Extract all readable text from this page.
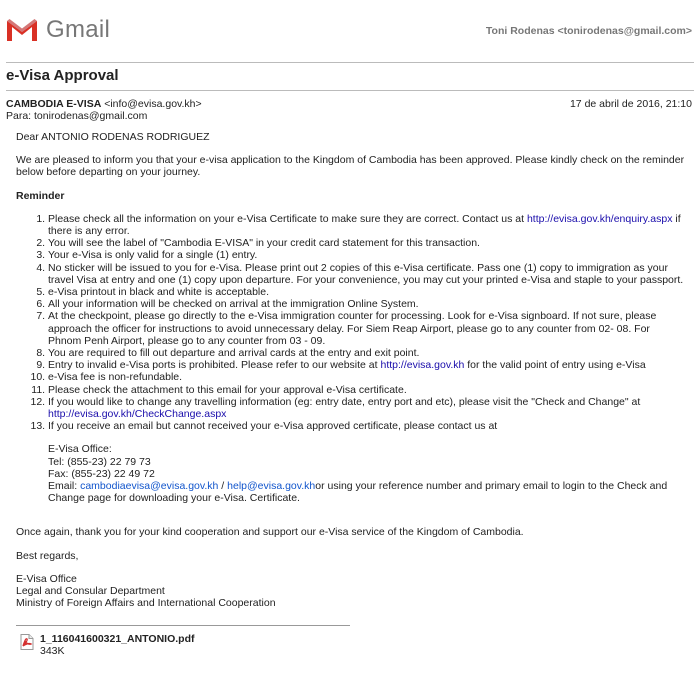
Gmail	Toni Rodenas <tonirodenas@gmail.com>
e-Visa Approval
CAMBODIA E-VISA <info@evisa.gov.kh>	17 de abril de 2016, 21:10
Para: tonirodenas@gmail.com

Dear ANTONIO RODENAS RODRIGUEZ

We are pleased to inform you that your e-visa application to the Kingdom of Cambodia has been approved. Please kindly check on the reminder below before departing on your journey.

Reminder

1. Please check all the information on your e-Visa Certificate to make sure they are correct. Contact us at http://evisa.gov.kh/enquiry.aspx if there is any error.
2. You will see the label of "Cambodia E-VISA" in your credit card statement for this transaction.
3. Your e-Visa is only valid for a single (1) entry.
4. No sticker will be issued to you for e-Visa. Please print out 2 copies of this e-Visa certificate. Pass one (1) copy to immigration as your travel Visa at entry and one (1) copy upon departure. For your convenience, you may cut your printed e-Visa and staple to your passport.
5. e-Visa printout in black and white is acceptable.
6. All your information will be checked on arrival at the immigration Online System.
7. At the checkpoint, please go directly to the e-Visa immigration counter for processing. Look for e-Visa signboard. If not sure, please approach the officer for instructions to avoid unnecessary delay. For Siem Reap Airport, please go to any counter from 02- 08. For Phnom Penh Airport, please go to any counter from 03 - 09.
8. You are required to fill out departure and arrival cards at the entry and exit point.
9. Entry to invalid e-Visa ports is prohibited. Please refer to our website at http://evisa.gov.kh for the valid point of entry using e-Visa
10. e-Visa fee is non-refundable.
11. Please check the attachment to this email for your approval e-Visa certificate.
12. If you would like to change any travelling information (eg: entry date, entry port and etc), please visit the "Check and Change" at http://evisa.gov.kh/CheckChange.aspx
13. If you receive an email but cannot received your e-Visa approved certificate, please contact us at

E-Visa Office:

Tel: (855-23) 22 79 73

Fax: (855-23) 22 49 72

Email: cambodiaevisa@evisa.gov.kh / help@evisa.gov.khor using your reference number and primary email to login to the Check and Change page for downloading your e-Visa. Certificate.

Once again, thank you for your kind cooperation and support our e-Visa service of the Kingdom of Cambodia.

Best regards,

E-Visa Office

Legal and Consular Department

Ministry of Foreign Affairs and International Cooperation

1_116041600321_ANTONIO.pdf
343K
